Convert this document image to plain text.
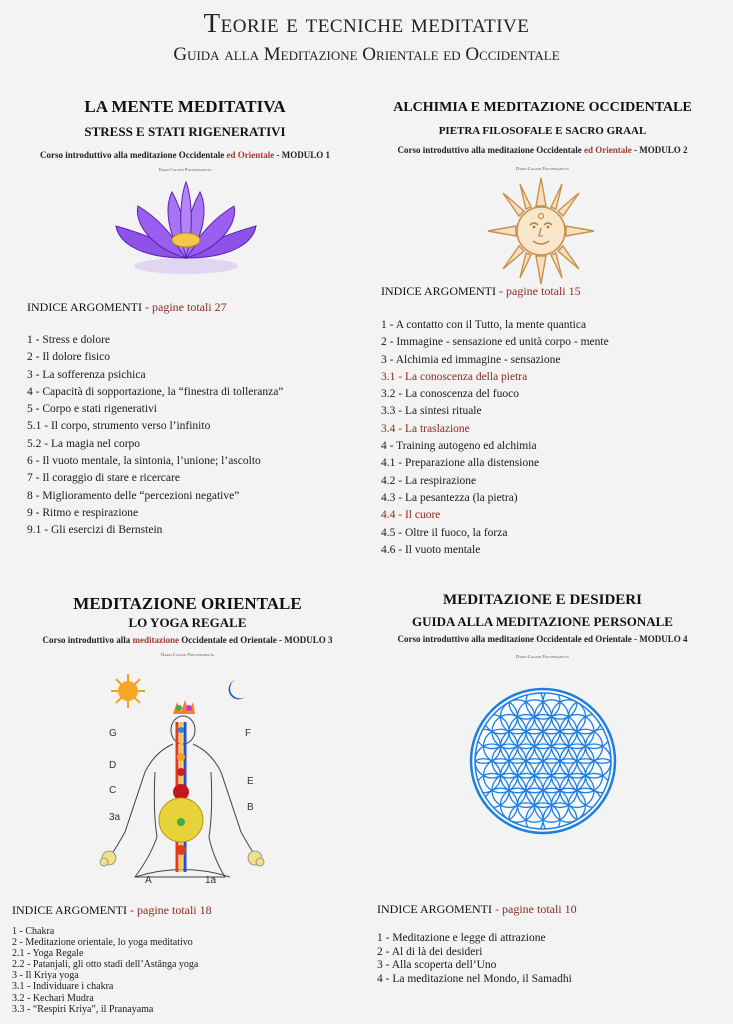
Teorie e tecniche meditative
Guida alla Meditazione Orientale ed Occidentale
LA MENTE MEDITATIVA
STRESS E STATI RIGENERATIVI
Corso introduttivo alla meditazione Occidentale ed Orientale - MODULO 1
Dario Calossi Psicoterapeuta
INDICE ARGOMENTI - pagine totali 27
1 - Stress e dolore
2 - Il dolore fisico
3 - La sofferenza psichica
4 - Capacità di sopportazione, la “finestra di tolleranza”
5 - Corpo e stati rigenerativi
5.1 - Il corpo, strumento verso l’infinito
5.2 - La magia nel corpo
6 - Il vuoto mentale, la sintonia, l’unione; l’ascolto
7 - Il coraggio di stare e ricercare
8 - Miglioramento delle “percezioni negative”
9 - Ritmo e respirazione
9.1 - Gli esercizi di Bernstein
ALCHIMIA E MEDITAZIONE OCCIDENTALE
PIETRA FILOSOFALE E SACRO GRAAL
Corso introduttivo alla meditazione Occidentale ed Orientale - MODULO 2
Dario Calossi Psicoterapeuta
INDICE ARGOMENTI - pagine totali 15
1 - A contatto con il Tutto, la mente quantica
2 - Immagine - sensazione ed unità corpo - mente
3 - Alchimia ed immagine - sensazione
3.1 - La conoscenza della pietra
3.2 - La conoscenza del fuoco
3.3 - La sintesi rituale
3.4 - La traslazione
4 - Training autogeno ed alchimia
4.1 - Preparazione alla distensione
4.2 - La respirazione
4.3 - La pesantezza (la pietra)
4.4 - Il cuore
4.5 - Oltre il fuoco, la forza
4.6 - Il vuoto mentale
MEDITAZIONE ORIENTALE
LO YOGA REGALE
Corso introduttivo alla meditazione Occidentale ed Orientale - MODULO 3
Dario Calossi Psicoterapeuta
G	F
D
E
C
B
3a
A	1a
INDICE ARGOMENTI - pagine totali 18
1 - Chakra
2 - Meditazione orientale, lo yoga meditativo
2.1 - Yoga Regale
2.2 - Patanjali, gli otto stadi dell’Astānga yoga
3 - Il Kriya yoga
3.1 - Individuare i chakra
3.2 - Kechari Mudra
3.3 - “Respiri Kriya”, il Pranayama
MEDITAZIONE E DESIDERI
GUIDA ALLA MEDITAZIONE PERSONALE
Corso introduttivo alla meditazione Occidentale ed Orientale - MODULO 4
Dario Calossi Psicoterapeuta
INDICE ARGOMENTI - pagine totali 10
1 - Meditazione e legge di attrazione
2 - Al di là dei desideri
3 - Alla scoperta dell’Uno
4 - La meditazione nel Mondo, il Samadhi
